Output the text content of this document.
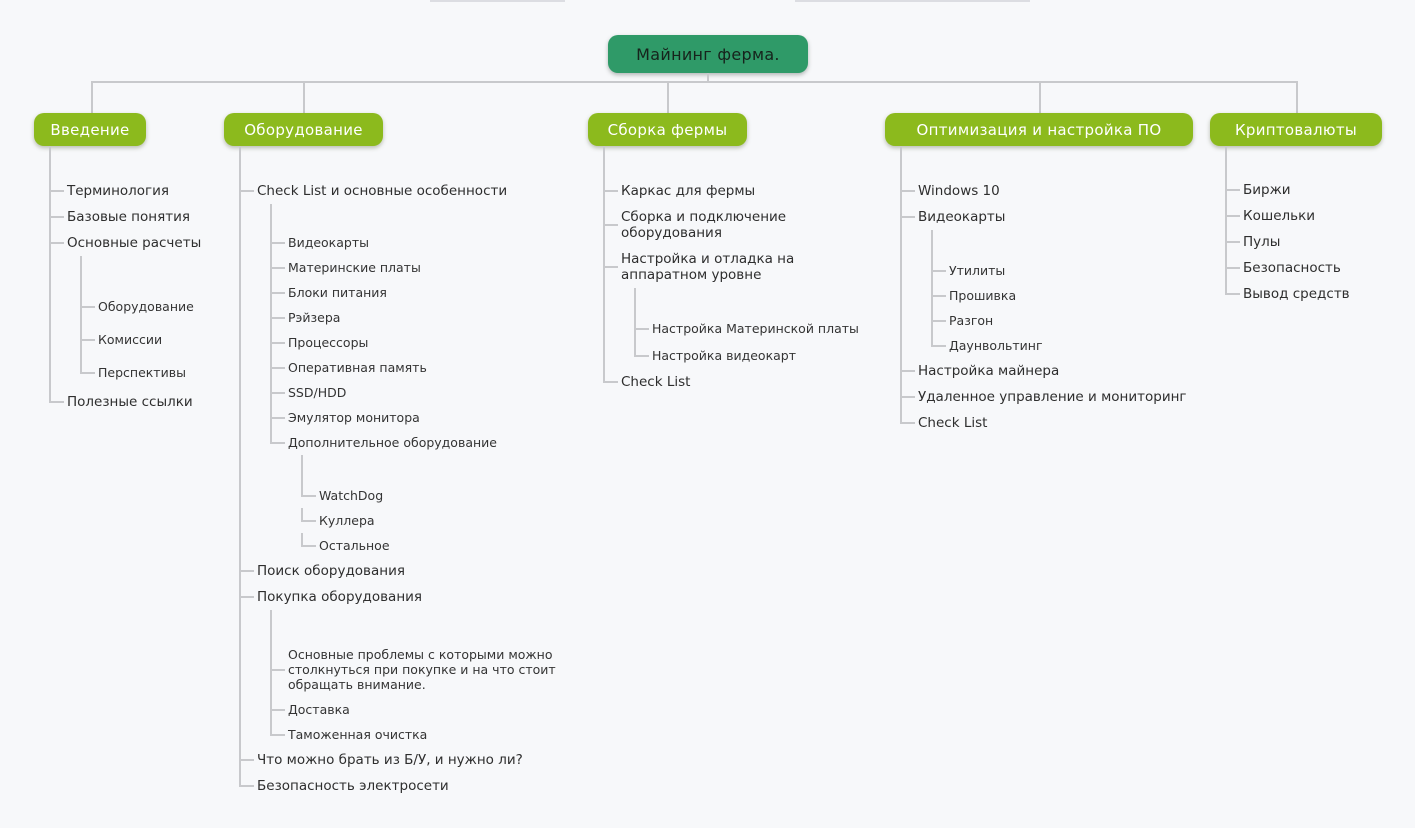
Майнинг ферма.
Введение
Терминология
Базовые понятия
Основные расчеты
Оборудование
Комиссии
Перспективы
Полезные ссылки
Оборудование
Check List и основные особенности
Видеокарты
Материнские платы
Блоки питания
Рэйзера
Процессоры
Оперативная память
SSD/HDD
Эмулятор монитора
Дополнительное оборудование
WatchDog
Куллера
Остальное
Поиск оборудования
Покупка оборудования
Основные проблемы с которыми можно столкнуться при покупке и на что стоит обращать внимание.
Доставка
Таможенная очистка
Что можно брать из Б/У, и нужно ли?
Безопасность электросети
Сборка фермы
Каркас для фермы
Сборка и подключение оборудования
Настройка и отладка на аппаратном уровне
Настройка Материнской платы
Настройка видеокарт
Check List
Оптимизация и настройка ПО
Windows 10
Видеокарты
Утилиты
Прошивка
Разгон
Даунвольтинг
Настройка майнера
Удаленное управление и мониторинг
Check List
Криптовалюты
Биржи
Кошельки
Пулы
Безопасность
Вывод средств
